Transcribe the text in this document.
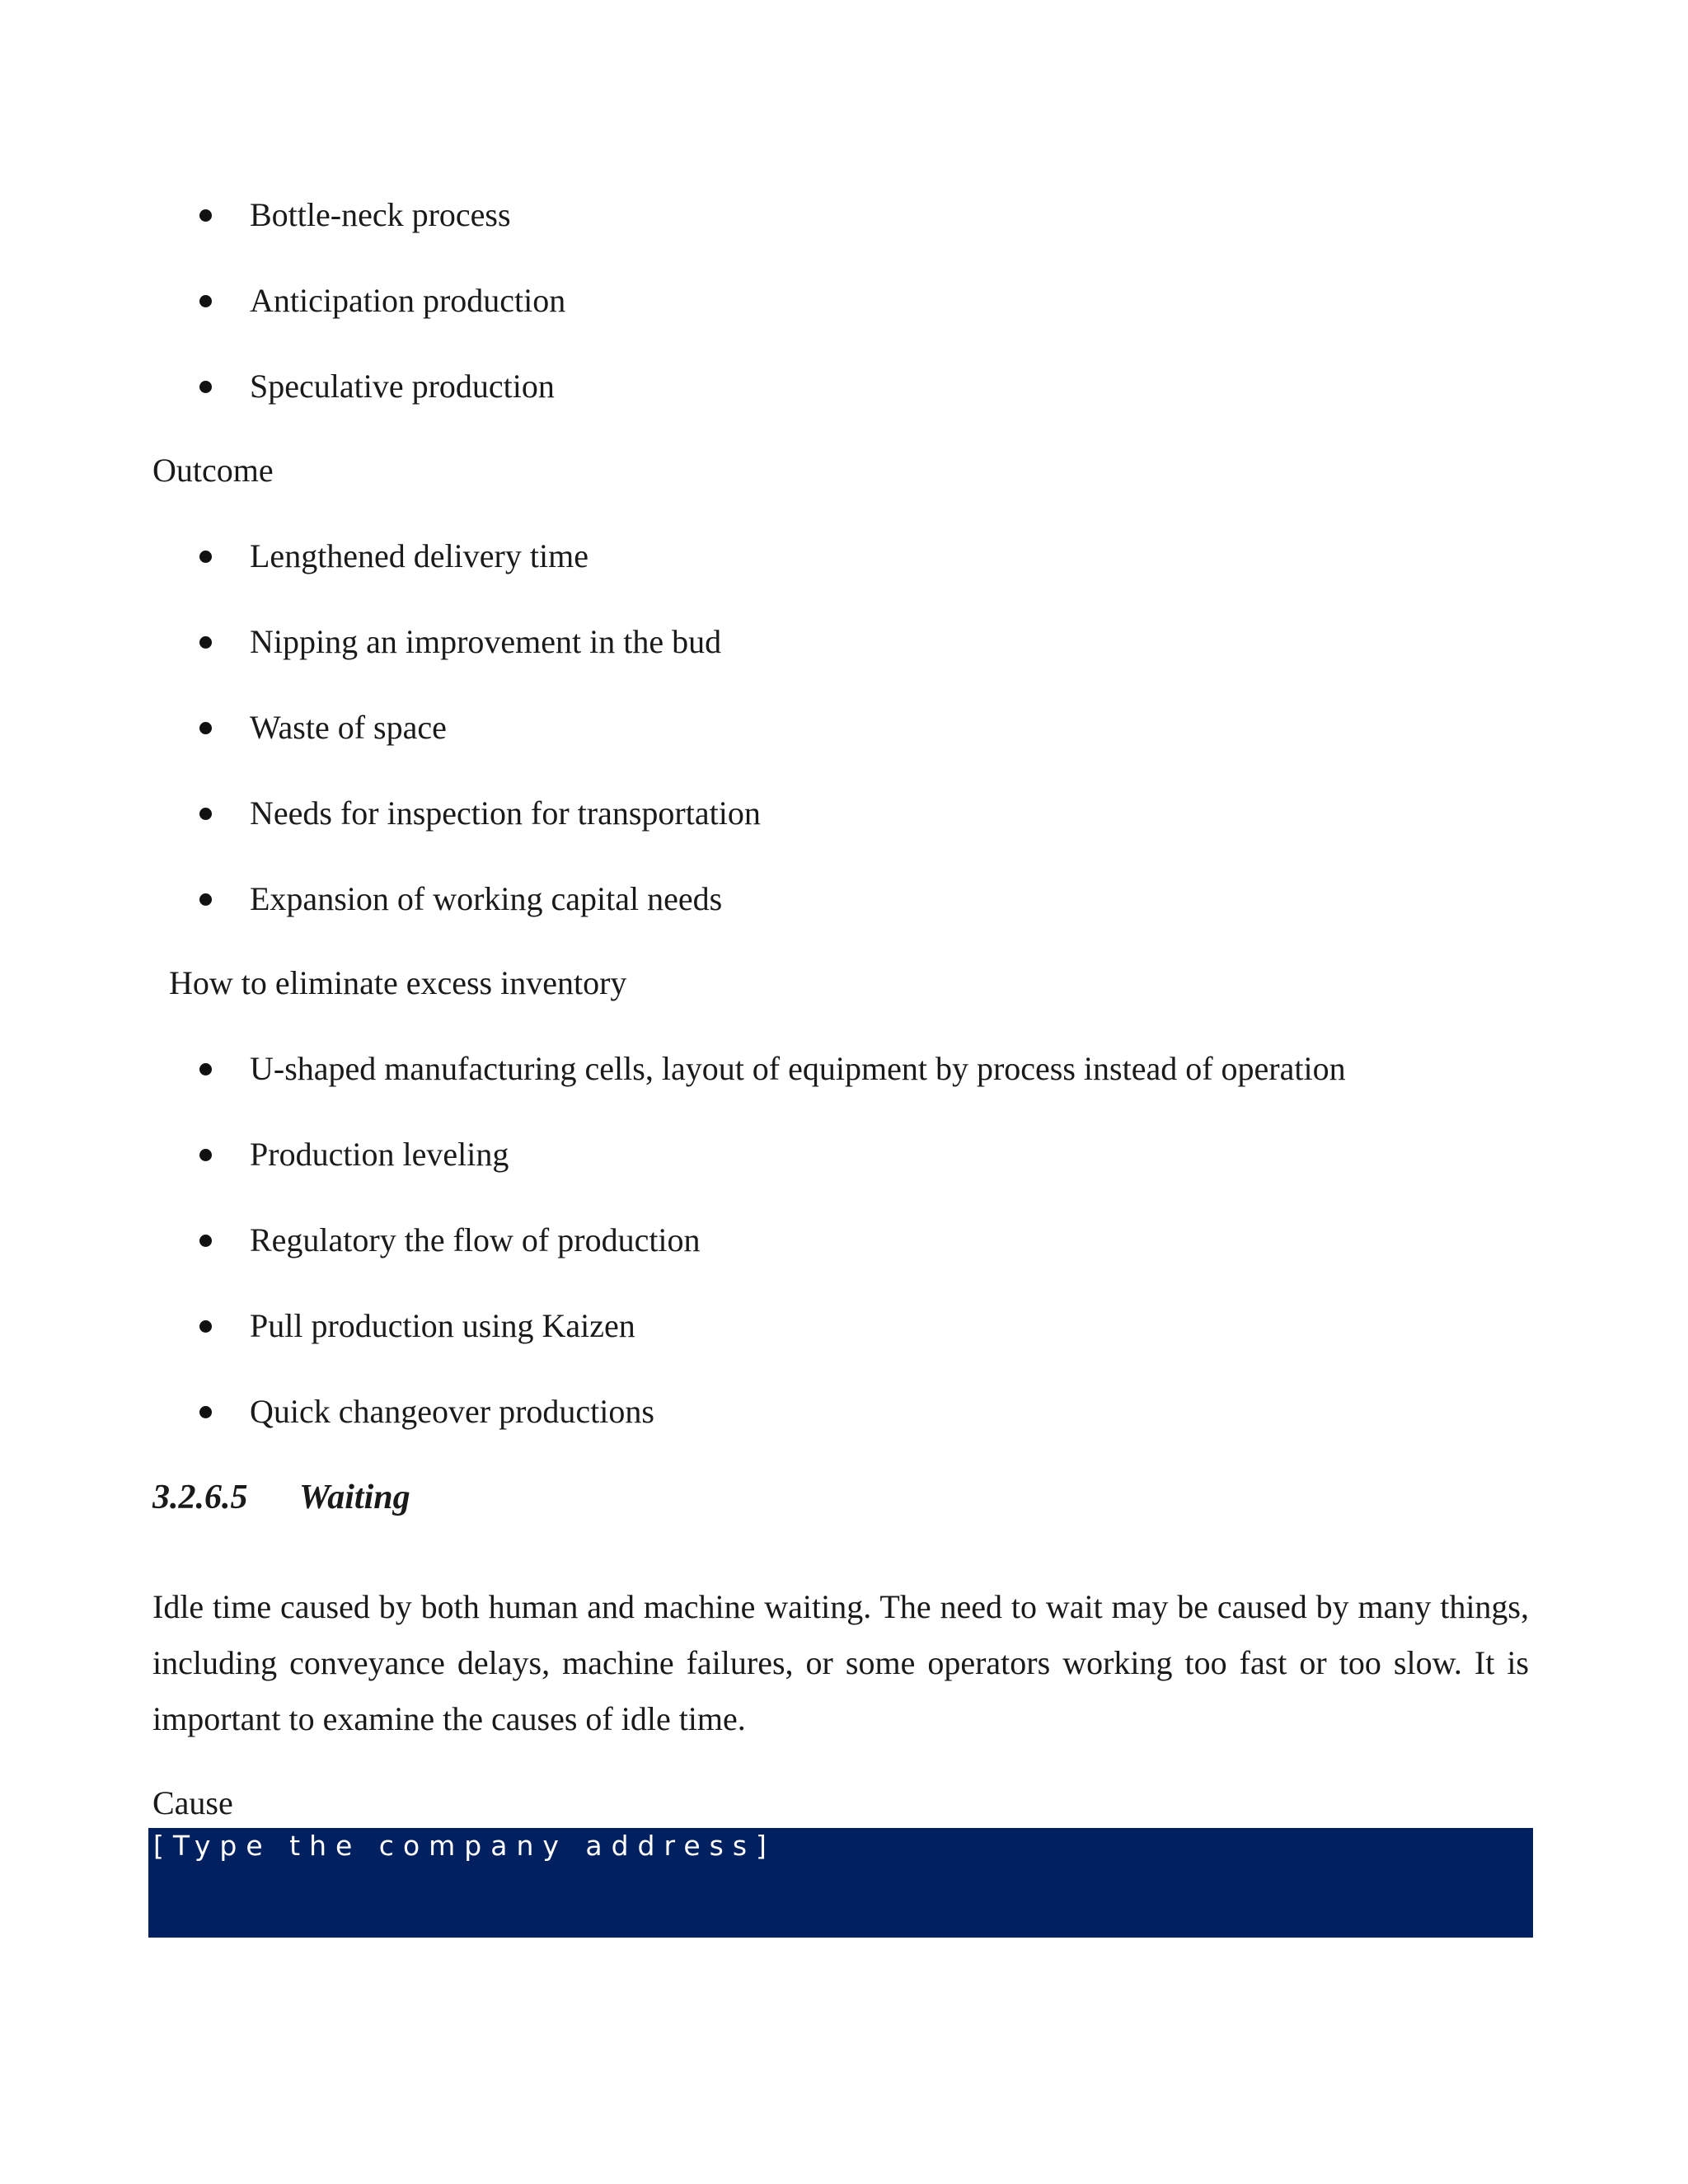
Bottle-neck process
Anticipation production
Speculative production
Outcome
Lengthened delivery time
Nipping an improvement in the bud
Waste of space
Needs for inspection for transportation
Expansion of working capital needs
How to eliminate excess inventory
U-shaped manufacturing cells, layout of equipment by process instead of operation
Production leveling
Regulatory the flow of production
Pull production using Kaizen
Quick changeover productions
3.2.6.5 Waiting
Idle time caused by both human and machine waiting. The need to wait may be caused by many things, including conveyance delays, machine failures, or some operators working too fast or too slow. It is important to examine the causes of idle time.
Cause
[Type the company address]
